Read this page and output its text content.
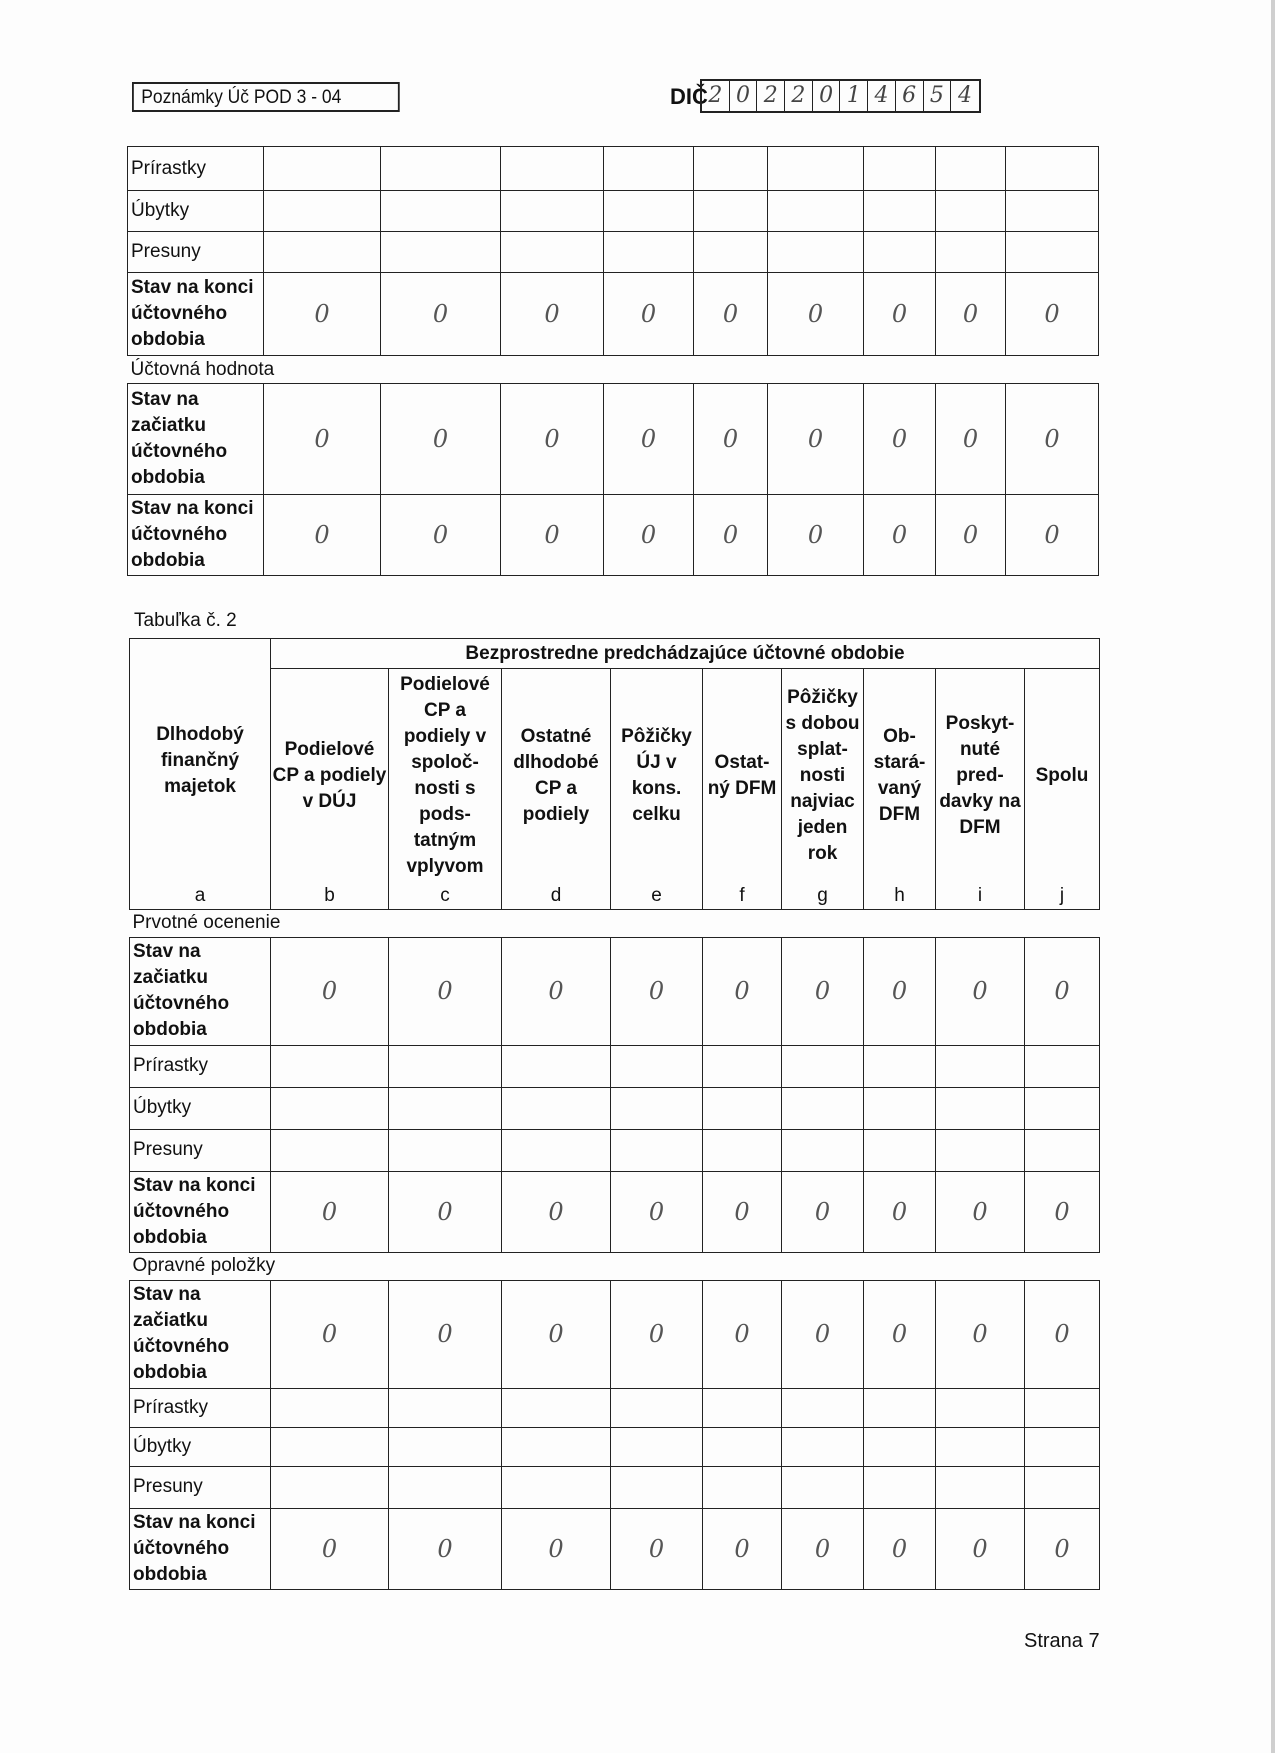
Poznámky Úč POD 3 - 04	DIČ 2 0 2 2 0 1 4 6 5 4
Prírastky									
Úbytky									
Presuny									
Stav na konci účtovného obdobia	0	0	0	0	0	0	0	0	0
Účtovná hodnota									
Stav na začiatku účtovného obdobia	0	0	0	0	0	0	0	0	0
Stav na konci účtovného obdobia	0	0	0	0	0	0	0	0	0
Tabuľka č. 2
Dlhodobý finančný majetok	Bezprostredne predchádzajúce účtovné obdobie								
	Podielové CP a podiely v DÚJ	Podielové CP a podiely v spoloč- nosti s pods- tatným vplyvom	Ostatné dlhodobé CP a podiely	Pôžičky ÚJ v kons. celku	Ostat- ný DFM	Pôžičky s dobou splat- nosti najviac jeden rok	Ob- stará- vaný DFM	Poskyt- nuté pred- davky na DFM	Spolu
a	b	c	d	e	f	g	h	i	j
Prvotné ocenenie									
Stav na začiatku účtovného obdobia	0	0	0	0	0	0	0	0	0
Prírastky									
Úbytky									
Presuny									
Stav na konci účtovného obdobia	0	0	0	0	0	0	0	0	0
Opravné položky									
Stav na začiatku účtovného obdobia	0	0	0	0	0	0	0	0	0
Prírastky									
Úbytky									
Presuny									
Stav na konci účtovného obdobia	0	0	0	0	0	0	0	0	0
Strana 7
